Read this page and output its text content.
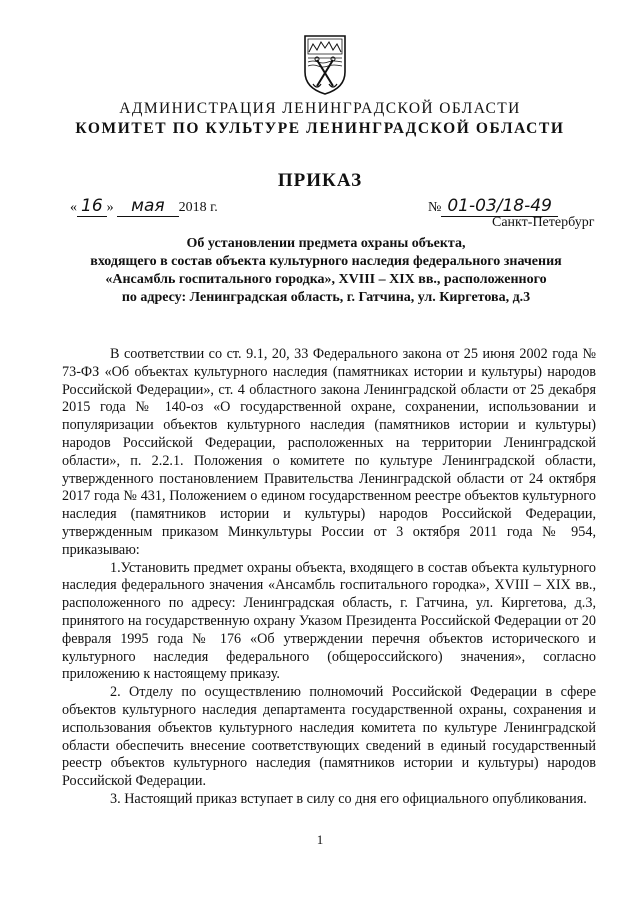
АДМИНИСТРАЦИЯ ЛЕНИНГРАДСКОЙ ОБЛАСТИ
КОМИТЕТ ПО КУЛЬТУРЕ ЛЕНИНГРАДСКОЙ ОБЛАСТИ
ПРИКАЗ
« 16 » мая 2018 г.	№ 01-03/18-49
Санкт-Петербург
Об установлении предмета охраны объекта,
входящего в состав объекта культурного наследия федерального значения
«Ансамбль госпитального городка», XVIII – XIX вв., расположенного
по адресу: Ленинградская область, г. Гатчина, ул. Киргетова, д.3

В соответствии со ст. 9.1, 20, 33 Федерального закона от 25 июня 2002 года № 73-ФЗ «Об объектах культурного наследия (памятниках истории и культуры) народов Российской Федерации», ст. 4 областного закона Ленинградской области от 25 декабря 2015 года № 140-оз «О государственной охране, сохранении, использовании и популяризации объектов культурного наследия (памятников истории и культуры) народов Российской Федерации, расположенных на территории Ленинградской области», п. 2.2.1. Положения о комитете по культуре Ленинградской области, утвержденного постановлением Правительства Ленинградской области от 24 октября 2017 года № 431, Положением о едином государственном реестре объектов культурного наследия (памятников истории и культуры) народов Российской Федерации, утвержденным приказом Минкультуры России от 3 октября 2011 года № 954, приказываю:

1.Установить предмет охраны объекта, входящего в состав объекта культурного наследия федерального значения «Ансамбль госпитального городка», XVIII – XIX вв., расположенного по адресу: Ленинградская область, г. Гатчина, ул. Киргетова, д.3, принятого на государственную охрану Указом Президента Российской Федерации от 20 февраля 1995 года № 176 «Об утверждении перечня объектов исторического и культурного наследия федерального (общероссийского) значения», согласно приложению к настоящему приказу.

2. Отделу по осуществлению полномочий Российской Федерации в сфере объектов культурного наследия департамента государственной охраны, сохранения и использования объектов культурного наследия комитета по культуре Ленинградской области обеспечить внесение соответствующих сведений в единый государственный реестр объектов культурного наследия (памятников истории и культуры) народов Российской Федерации.

3. Настоящий приказ вступает в силу со дня его официального опубликования.

1
